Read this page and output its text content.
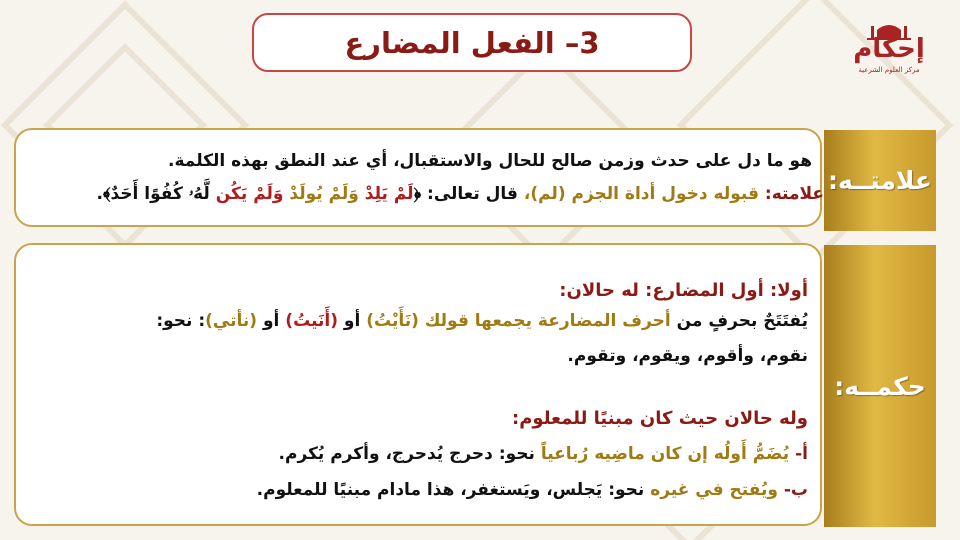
3– الفعل المضارع	إحكام
مركز العلوم الشرعية
علامتــه:
هو ما دل على حدث وزمن صالح للحال والاستقبال، أي عند النطق بهذه الكلمة.
علامته: قبوله دخول أداة الجزم (لم)، قال تعالى: ﴿لَمْ يَلِدْ وَلَمْ يُولَدْ وَلَمْ يَكُن لَّهُۥ كُفُوًا أَحَدٌ﴾.
حكمــه:
أولا: أول المضارع: له حالان:
يُفتَتَحٌ بحرفٍ من أحرف المضارعة يجمعها قولك (نَأَيْتُ) أو (أَنَيتُ) أو (نأتي): نحو:
نقوم، وأقوم، ويقوم، وتقوم.
وله حالان حيث كان مبنيًا للمعلوم:
أ- يُضَمُّ أَولُه إن كان ماضِيه رُباعياً نحو: دحرج يُدحرج، وأكرم يُكرم.
ب- ويُفتح في غيره نحو: يَجلس، ويَستغفر، هذا مادام مبنيًا للمعلوم.
